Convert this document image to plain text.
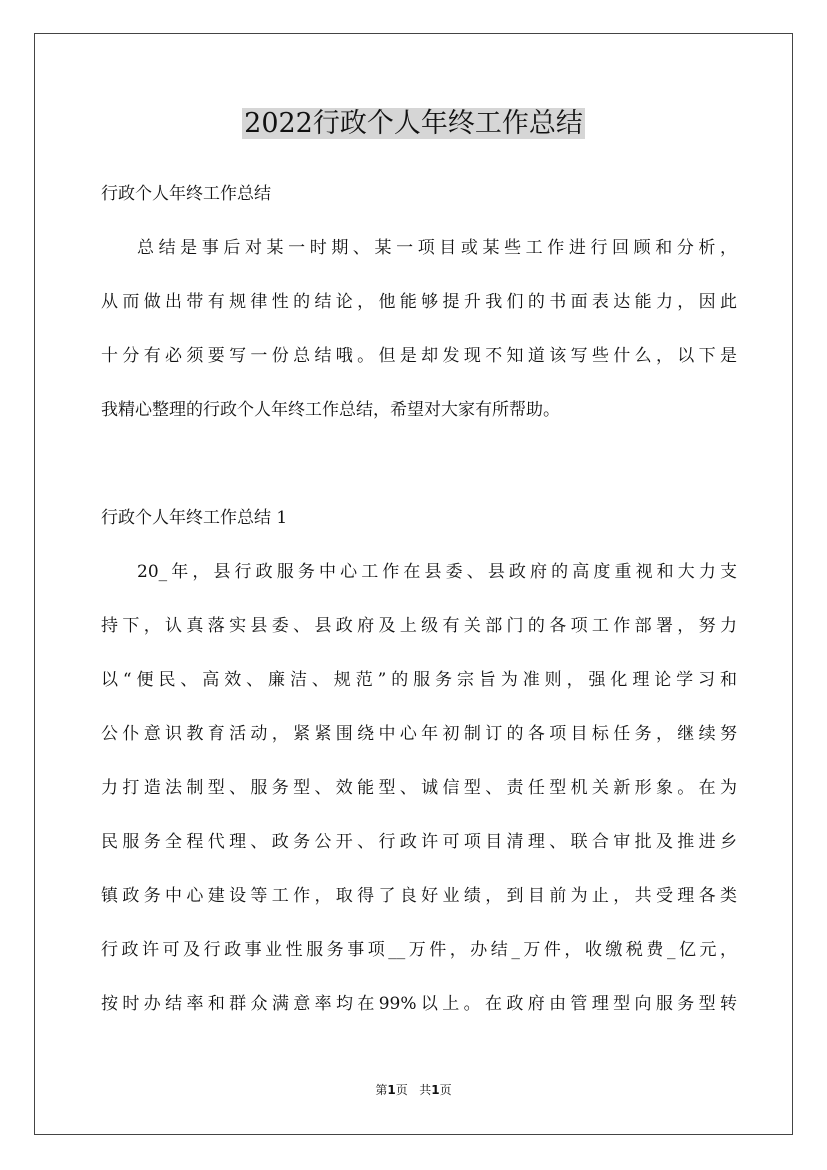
2022行政个人年终工作总结

行政个人年终工作总结

总结是事后对某一时期、某一项目或某些工作进行回顾和分析，

从而做出带有规律性的结论，他能够提升我们的书面表达能力，因此

十分有必须要写一份总结哦。但是却发现不知道该写些什么，以下是

我精心整理的行政个人年终工作总结，希望对大家有所帮助。

行政个人年终工作总结 1

20_年，县行政服务中心工作在县委、县政府的高度重视和大力支

持下，认真落实县委、县政府及上级有关部门的各项工作部署，努力

以“便民、高效、廉洁、规范”的服务宗旨为准则，强化理论学习和

公仆意识教育活动，紧紧围绕中心年初制订的各项目标任务，继续努

力打造法制型、服务型、效能型、诚信型、责任型机关新形象。在为

民服务全程代理、政务公开、行政许可项目清理、联合审批及推进乡

镇政务中心建设等工作，取得了良好业绩，到目前为止，共受理各类

行政许可及行政事业性服务事项__万件，办结_万件，收缴税费_亿元，

按时办结率和群众满意率均在99%以上。在政府由管理型向服务型转

第1页 共1页
